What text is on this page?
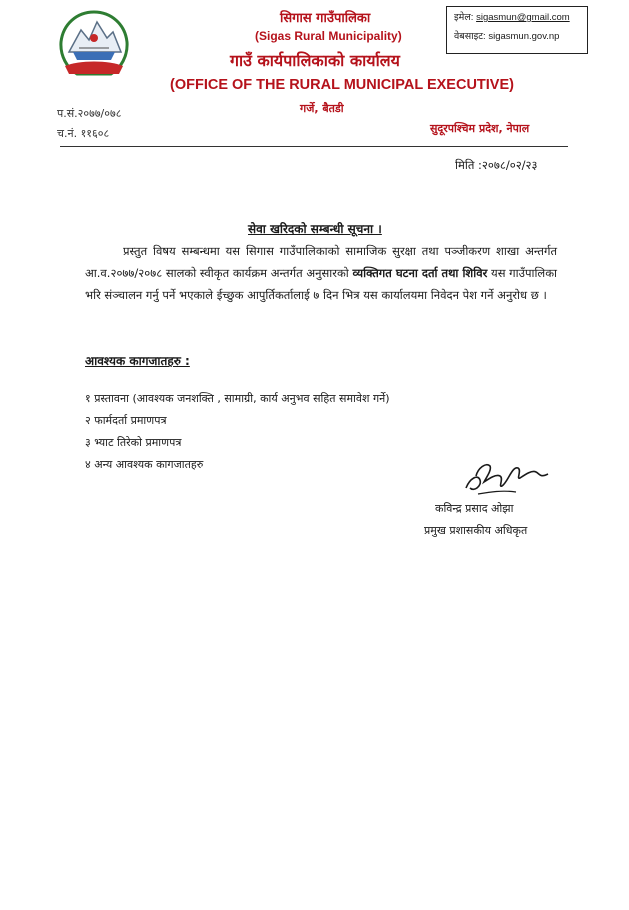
सिगास गाउँपालिका
(Sigas Rural Municipality)
गाउँ कार्यपालिकाको कार्यालय
(OFFICE OF THE RURAL MUNICIPAL EXECUTIVE)
गर्जे, बैतडी
इमेल: sigasmun@gmail.com
वेबसाइट: sigasmun.gov.np
प.सं.२०७७/०७८
च.नं. ११६०८	सुदूरपश्चिम प्रदेश, नेपाल
मिति :२०७८/०२/२३
सेवा खरिदको सम्बन्धी सूचना ।

प्रस्तुत विषय सम्बन्धमा यस सिगास गाउँपालिकाको सामाजिक सुरक्षा तथा पञ्जीकरण शाखा अन्तर्गत आ.व.२०७७/२०७८ सालको स्वीकृत कार्यक्रम अन्तर्गत अनुसारको व्यक्तिगत घटना दर्ता तथा शिविर यस गाउँपालिका भरि संञ्चालन गर्नु पर्ने भएकाले ईच्छुक आपुर्तिकर्तालाई ७ दिन भित्र यस कार्यालयमा निवेदन पेश गर्ने अनुरोध छ ।

आवश्यक कागजातहरु :
१ प्रस्तावना (आवश्यक जनशक्ति , सामाग्री, कार्य अनुभव सहित समावेश गर्ने)
२ फार्मदर्ता प्रमाणपत्र
३ भ्याट तिरेको प्रमाणपत्र
४ अन्य आवश्यक कागजातहरु
कविन्द्र प्रसाद ओझा
प्रमुख प्रशासकीय अधिकृत
